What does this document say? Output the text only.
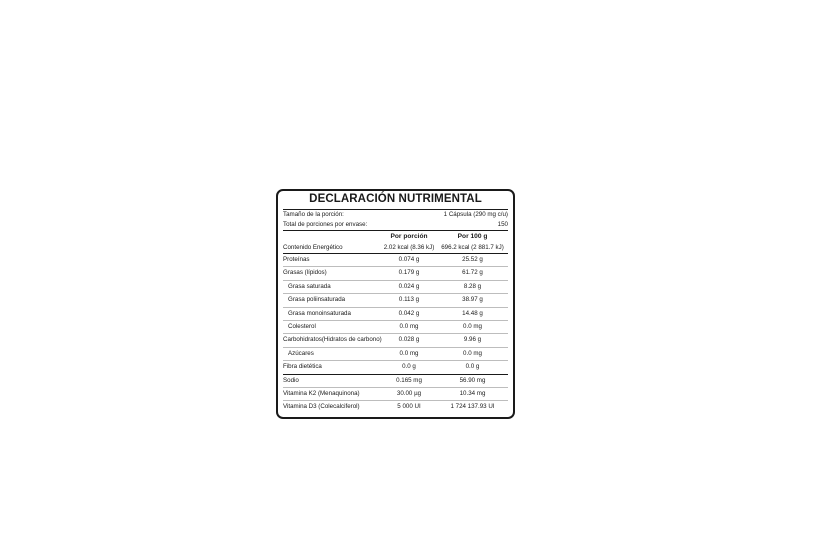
DECLARACIÓN NUTRIMENTAL
Tamaño de la porción:	1 Cápsula (290 mg c/u)
Total de porciones por envase:	150
Por porción	Por 100 g
Contenido Energético	2.02 kcal (8.36 kJ)	696.2 kcal (2 881.7 kJ)
Proteínas	0.074 g	25.52 g
Grasas (lípidos)	0.179 g	61.72 g
Grasa saturada	0.024 g	8.28 g
Grasa poliinsaturada	0.113 g	38.97 g
Grasa monoinsaturada	0.042 g	14.48 g
Colesterol	0.0 mg	0.0 mg
Carbohidratos(Hidratos de carbono)	0.028 g	9.96 g
Azúcares	0.0 mg	0.0 mg
Fibra dietética	0.0 g	0.0 g
Sodio	0.165 mg	56.90 mg
Vitamina K2 (Menaquinona)	30.00 µg	10.34 mg
Vitamina D3 (Colecalciferol)	5 000 UI	1 724 137.93 UI
